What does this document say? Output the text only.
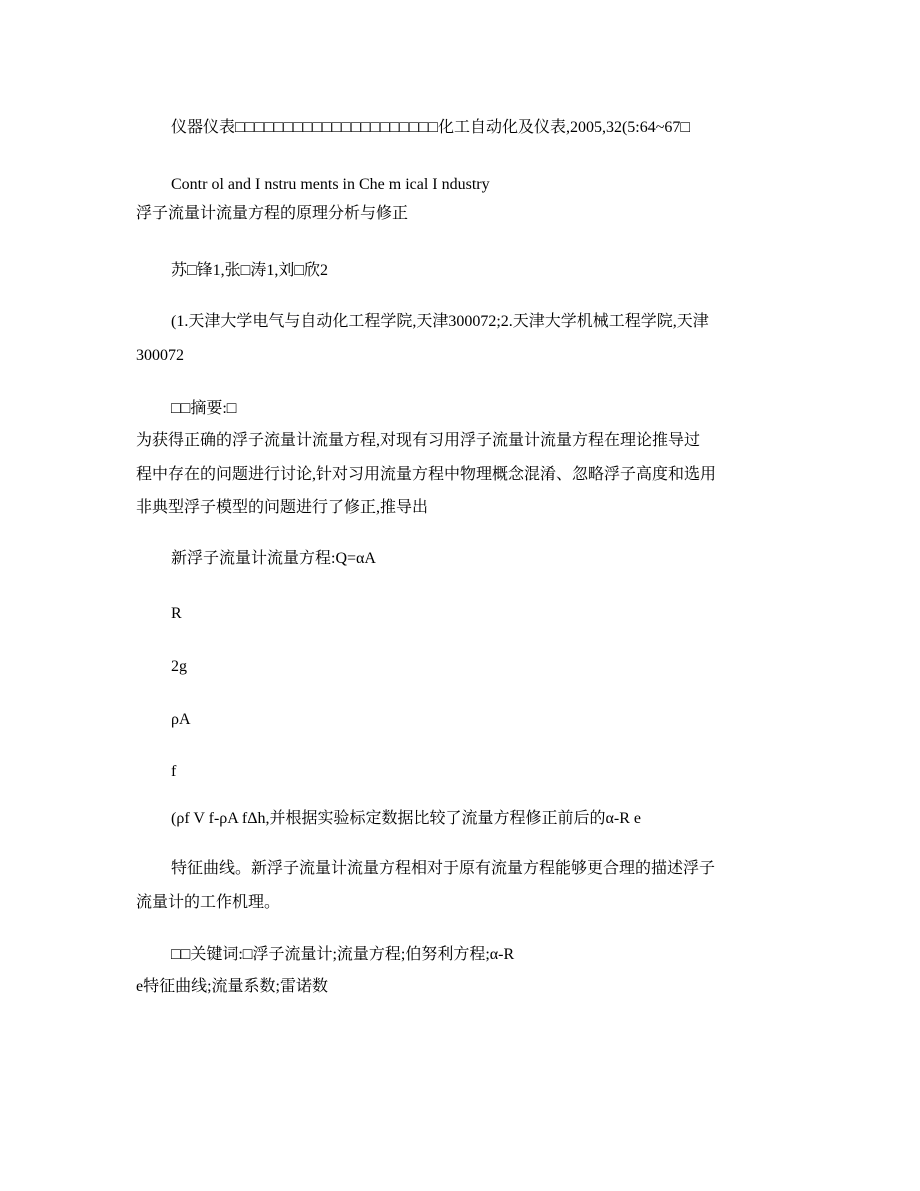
仪器仪表□□□□□□□□□□□□□□□□□□□□□化工自动化及仪表,2005,32(5:64~67□
Contr ol and I nstru ments in Che m ical I ndustry
浮子流量计流量方程的原理分析与修正
苏□锋1,张□涛1,刘□欣2
(1.天津大学电气与自动化工程学院,天津300072;2.天津大学机械工程学院,天津
300072
□□摘要:□
为获得正确的浮子流量计流量方程,对现有习用浮子流量计流量方程在理论推导过
程中存在的问题进行讨论,针对习用流量方程中物理概念混淆、忽略浮子高度和选用
非典型浮子模型的问题进行了修正,推导出
新浮子流量计流量方程:Q=αA
R
2g
ρA
f
(ρf V f-ρA fΔh,并根据实验标定数据比较了流量方程修正前后的α-R e
特征曲线。新浮子流量计流量方程相对于原有流量方程能够更合理的描述浮子
流量计的工作机理。
□□关键词:□浮子流量计;流量方程;伯努利方程;α-R
e特征曲线;流量系数;雷诺数
